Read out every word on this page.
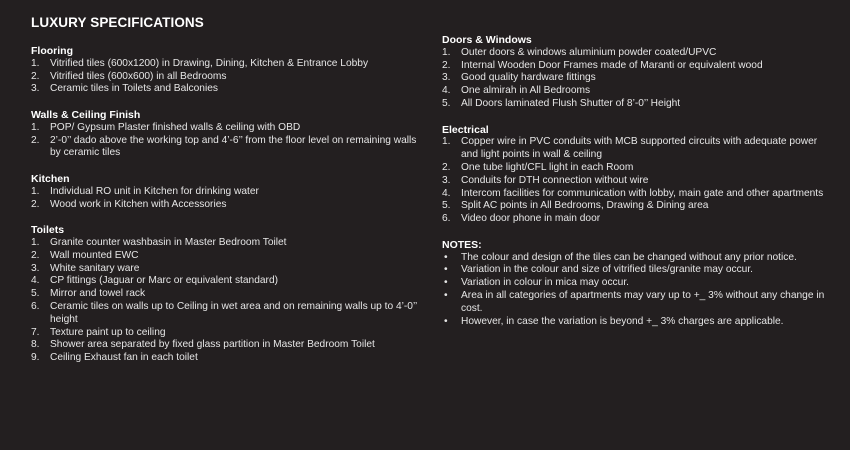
LUXURY SPECIFICATIONS
Flooring
1.	Vitrified tiles (600x1200) in Drawing, Dining, Kitchen & Entrance Lobby
2.	Vitrified tiles (600x600) in all Bedrooms
3.	Ceramic tiles in Toilets and Balconies
Walls & Ceiling Finish
1.	POP/ Gypsum Plaster finished walls & ceiling with OBD
2.	2’-0’’ dado above the working top and 4’-6’’ from the floor level on remaining walls by ceramic tiles
Kitchen
1.	Individual RO unit in Kitchen for drinking water
2.	Wood work in Kitchen with Accessories
Toilets
1.	Granite counter washbasin in Master Bedroom Toilet
2.	Wall mounted EWC
3.	White sanitary ware
4.	CP fittings (Jaguar or Marc or equivalent standard)
5.	Mirror and towel rack
6.	Ceramic tiles on walls up to Ceiling in wet area and on remaining walls up to 4’-0’’ height
7.	Texture paint up to ceiling
8.	Shower area separated by fixed glass partition in Master Bedroom Toilet
9.	Ceiling Exhaust fan in each toilet
Doors & Windows
1.	Outer doors & windows aluminium powder coated/UPVC
2.	Internal Wooden Door Frames made of Maranti or equivalent wood
3.	Good quality hardware fittings
4.	One almirah in All Bedrooms
5.	All Doors laminated Flush Shutter of 8’-0’’ Height
Electrical
1.	Copper wire in PVC conduits with MCB supported circuits with adequate power and light points in wall & ceiling
2.	One tube light/CFL light in each Room
3.	Conduits for DTH connection without wire
4.	Intercom facilities for communication with lobby, main gate and other apartments
5.	Split AC points in All Bedrooms, Drawing & Dining area
6.	Video door phone in main door
NOTES:
•	The colour and design of the tiles can be changed without any prior notice.
•	Variation in the colour and size of vitrified tiles/granite may occur.
•	Variation in colour in mica may occur.
•	Area in all categories of apartments may vary up to +_ 3% without any change in cost.
•	However, in case the variation is beyond +_ 3% charges are applicable.
